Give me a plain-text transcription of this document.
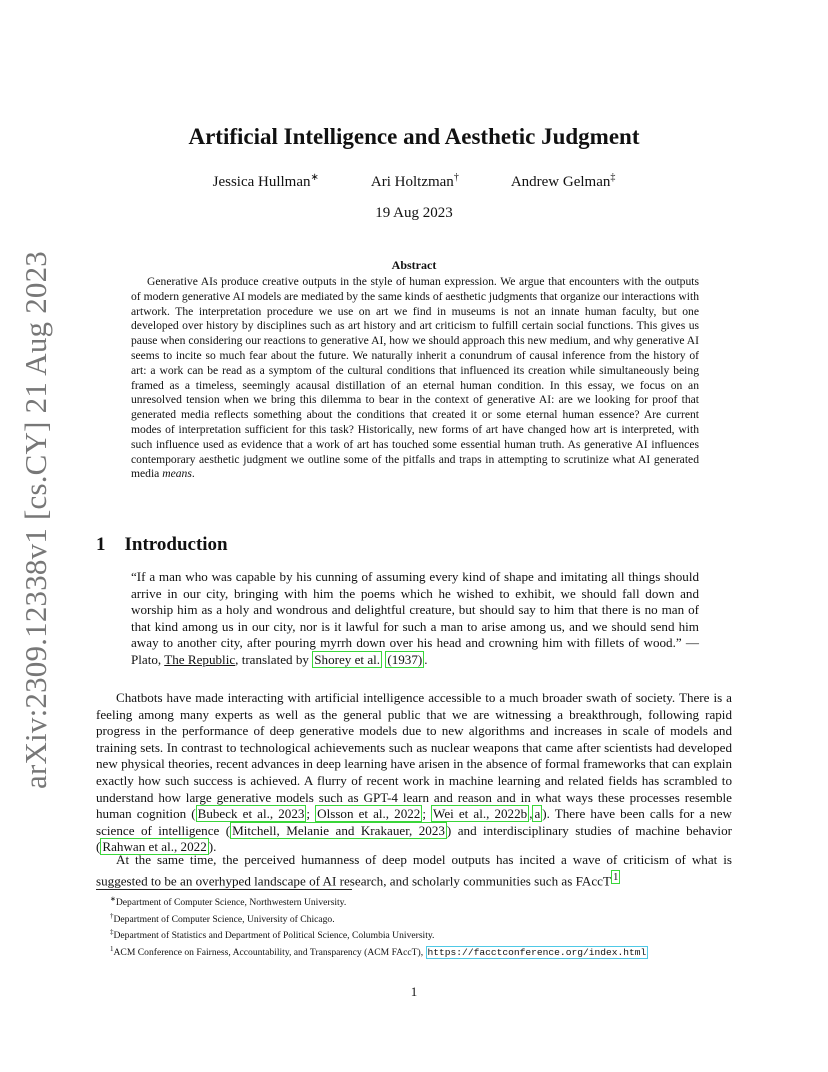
arXiv:2309.12338v1 [cs.CY] 21 Aug 2023
Artificial Intelligence and Aesthetic Judgment
Jessica Hullman∗	Ari Holtzman†	Andrew Gelman‡
19 Aug 2023
Abstract

Generative AIs produce creative outputs in the style of human expression. We argue that encounters with the outputs of modern generative AI models are mediated by the same kinds of aesthetic judgments that organize our interactions with artwork. The interpretation procedure we use on art we find in museums is not an innate human faculty, but one developed over history by disciplines such as art history and art criticism to fulfill certain social functions. This gives us pause when considering our reactions to generative AI, how we should approach this new medium, and why generative AI seems to incite so much fear about the future. We naturally inherit a conundrum of causal inference from the history of art: a work can be read as a symptom of the cultural conditions that influenced its creation while simultaneously being framed as a timeless, seemingly acausal distillation of an eternal human condition. In this essay, we focus on an unresolved tension when we bring this dilemma to bear in the context of generative AI: are we looking for proof that generated media reflects something about the conditions that created it or some eternal human essence? Are current modes of interpretation sufficient for this task? Historically, new forms of art have changed how art is interpreted, with such influence used as evidence that a work of art has touched some essential human truth. As generative AI influences contemporary aesthetic judgment we outline some of the pitfalls and traps in attempting to scrutinize what AI generated media means.

1 Introduction

“If a man who was capable by his cunning of assuming every kind of shape and imitating all things should arrive in our city, bringing with him the poems which he wished to exhibit, we should fall down and worship him as a holy and wondrous and delightful creature, but should say to him that there is no man of that kind among us in our city, nor is it lawful for such a man to arise among us, and we should send him away to another city, after pouring myrrh down over his head and crowning him with fillets of wood.” — Plato, The Republic, translated by Shorey et al. (1937) .

Chatbots have made interacting with artificial intelligence accessible to a much broader swath of society. There is a feeling among many experts as well as the general public that we are witnessing a breakthrough, following rapid progress in the performance of deep generative models due to new algorithms and increases in scale of models and training sets. In contrast to technological achievements such as nuclear weapons that came after scientists had developed new physical theories, recent advances in deep learning have arisen in the absence of formal frameworks that can explain exactly how such success is achieved. A flurry of recent work in machine learning and related fields has scrambled to understand how large generative models such as GPT-4 learn and reason and in what ways these processes resemble human cognition ( Bubeck et al., 2023 ; Olsson et al., 2022 ; Wei et al., 2022b , a ). There have been calls for a new science of intelligence ( Mitchell, Melanie and Krakauer, 2023 ) and interdisciplinary studies of machine behavior ( Rahwan et al., 2022 ).

At the same time, the perceived humanness of deep model outputs has incited a wave of criticism of what is suggested to be an overhyped landscape of AI research, and scholarly communities such as FAccT $^1$

∗Department of Computer Science, Northwestern University.

†Department of Computer Science, University of Chicago.

‡Department of Statistics and Department of Political Science, Columbia University.

$^1$ACM Conference on Fairness, Accountability, and Transparency (ACM FAccT), https://facctconference.org/index.html

1
